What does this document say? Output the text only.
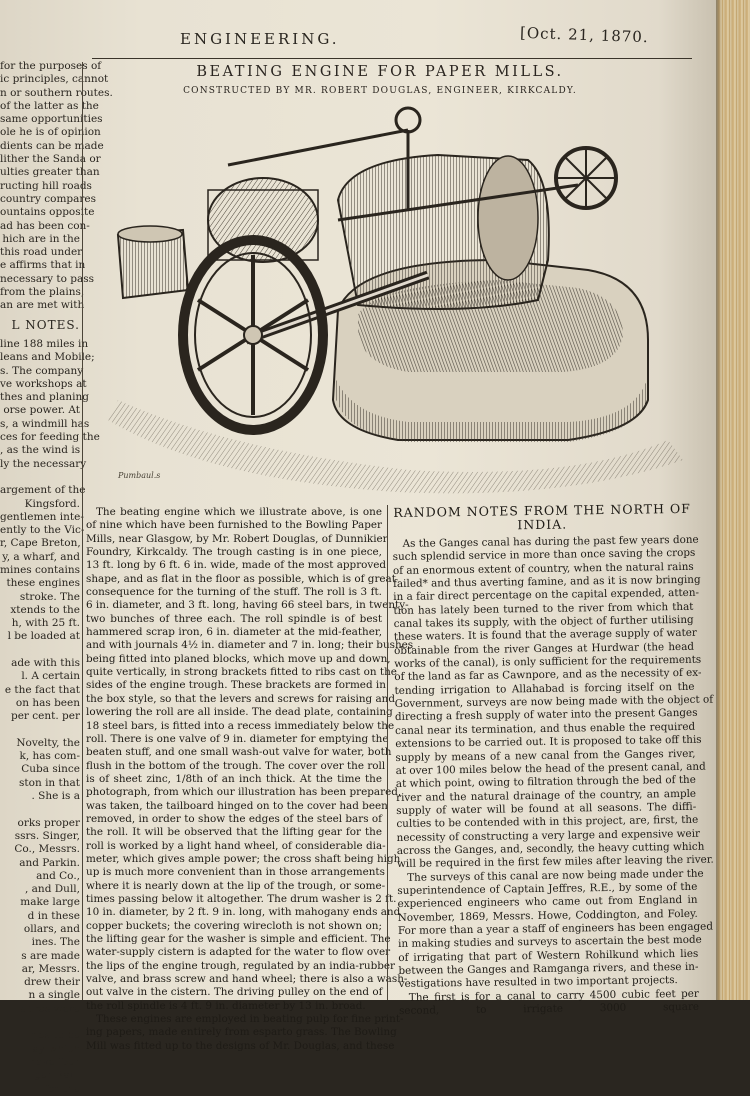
ENGINEERING.	[Oct. 21, 1870.
BEATING ENGINE FOR PAPER MILLS.
CONSTRUCTED BY MR. ROBERT DOUGLAS, ENGINEER, KIRKCALDY.
Pumbaul.s
for the purposes of
ic principles, cannot
n or southern routes.
of the latter as the
same opportunities
ole he is of opinion
dients can be made
lither the Sanda or
ulties greater than
ructing hill roads
country compares
ountains opposite
ad has been con-
hich are in the
this road under
e affirms that in
necessary to pass
from the plains,
an are met with
L NOTES.
line 188 miles in
leans and Mobile;
s. The company
ve workshops at
thes and planing
orse power. At
s, a windmill has
ces for feeding the
, as the wind is
ly the necessary
argement of the
Kingsford.
gentlemen inte-
ently to the Vic-
r, Cape Breton,
y, a wharf, and
mines contains
these engines
stroke. The
xtends to the
h, with 25 ft.
l be loaded at
ade with this
l. A certain
e the fact that
on has been
per cent. per
Novelty, the
k, has com-
Cuba since
ston in that
. She is a
orks proper
ssrs. Singer,
Co., Messrs.
and Parkin.
and Co.,
, and Dull,
make large
d in these
ollars, and
ines. The
s are made
ar, Messrs.
drew their
n a single
abres were
nes to be
ay which
have four
ger Rail-
for the
The beating engine which we illustrate above, is one
of nine which have been furnished to the Bowling Paper
Mills, near Glasgow, by Mr. Robert Douglas, of Dunnikier
Foundry, Kirkcaldy. The trough casting is in one piece,
13 ft. long by 6 ft. 6 in. wide, made of the most approved
shape, and as flat in the floor as possible, which is of great
consequence for the turning of the stuff. The roll is 3 ft.
6 in. diameter, and 3 ft. long, having 66 steel bars, in twenty-
two bunches of three each. The roll spindle is of best
hammered scrap iron, 6 in. diameter at the mid-feather,
and with journals 4½ in. diameter and 7 in. long; their bushes
being fitted into planed blocks, which move up and down,
quite vertically, in strong brackets fitted to ribs cast on the
sides of the engine trough. These brackets are formed in
the box style, so that the levers and screws for raising and
lowering the roll are all inside. The dead plate, containing
18 steel bars, is fitted into a recess immediately below the
roll. There is one valve of 9 in. diameter for emptying the
beaten stuff, and one small wash-out valve for water, both
flush in the bottom of the trough. The cover over the roll
is of sheet zinc, 1/8th of an inch thick. At the time the
photograph, from which our illustration has been prepared,
was taken, the tailboard hinged on to the cover had been
removed, in order to show the edges of the steel bars of
the roll. It will be observed that the lifting gear for the
roll is worked by a light hand wheel, of considerable dia-
meter, which gives ample power; the cross shaft being high
up is much more convenient than in those arrangements
where it is nearly down at the lip of the trough, or some-
times passing below it altogether. The drum washer is 2 ft.
10 in. diameter, by 2 ft. 9 in. long, with mahogany ends and
copper buckets; the covering wirecloth is not shown on;
the lifting gear for the washer is simple and efficient. The
water-supply cistern is adapted for the water to flow over
the lips of the engine trough, regulated by an india-rubber
valve, and brass screw and hand wheel; there is also a wash-
out valve in the cistern. The driving pulley on the end of
the roll spindle is 4 ft. 9 in. diameter by 13 in. broad.
These engines are employed in beating pulp for fine print-
ing papers, made entirely from esparto grass. The Bowling
Mill was fitted up to the designs of Mr. Douglas, and these
RANDOM NOTES FROM THE NORTH OF INDIA.
As the Ganges canal has during the past few years done
such splendid service in more than once saving the crops
of an enormous extent of country, when the natural rains
failed* and thus averting famine, and as it is now bringing
in a fair direct percentage on the capital expended, atten-
tion has lately been turned to the river from which that
canal takes its supply, with the object of further utilising
these waters. It is found that the average supply of water
obtainable from the river Ganges at Hurdwar (the head
works of the canal), is only sufficient for the requirements
of the land as far as Cawnpore, and as the necessity of ex-
tending irrigation to Allahabad is forcing itself on the
Government, surveys are now being made with the object of
directing a fresh supply of water into the present Ganges
canal near its termination, and thus enable the required
extensions to be carried out. It is proposed to take off this
supply by means of a new canal from the Ganges river,
at over 100 miles below the head of the present canal, and
at which point, owing to filtration through the bed of the
river and the natural drainage of the country, an ample
supply of water will be found at all seasons. The diffi-
culties to be contended with in this project, are, first, the
necessity of constructing a very large and expensive weir
across the Ganges, and, secondly, the heavy cutting which
will be required in the first few miles after leaving the river.
The surveys of this canal are now being made under the
superintendence of Captain Jeffres, R.E., by some of the
experienced engineers who came out from England in
November, 1869, Messrs. Howe, Coddington, and Foley.
For more than a year a staff of engineers has been engaged
in making studies and surveys to ascertain the best mode
of irrigating that part of Western Rohilkund which lies
between the Ganges and Ramganga rivers, and these in-
vestigations have resulted in two important projects.
The first is for a canal to carry 4500 cubic feet per
second, to irrigate 3000 square
